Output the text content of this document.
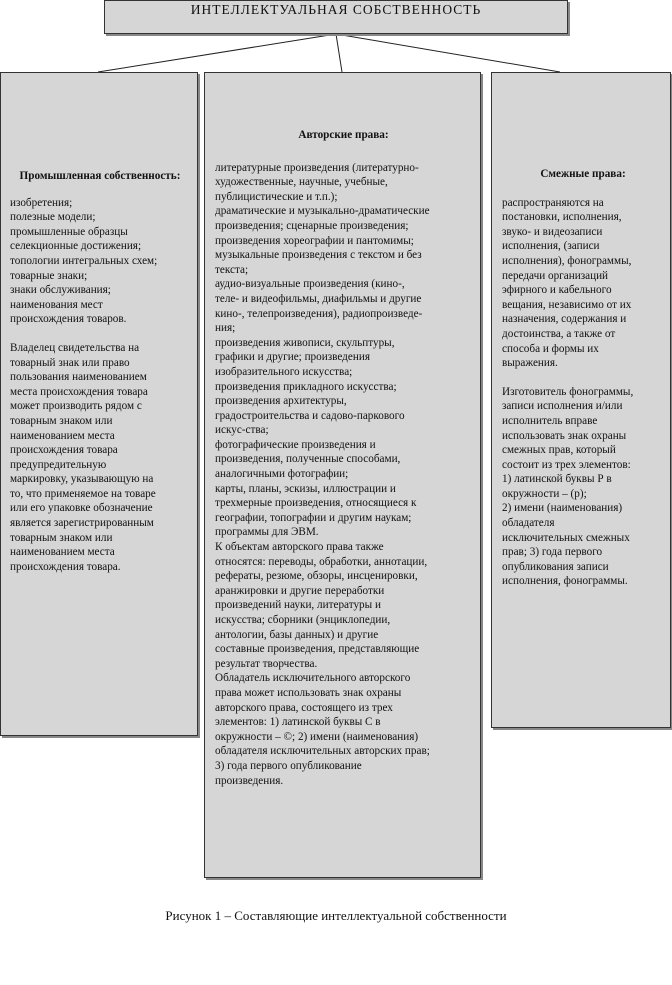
ИНТЕЛЛЕКТУАЛЬНАЯ СОБСТВЕННОСТЬ
Промышленная собственность:
изобретения;
полезные модели;
промышленные образцы
селекционные достижения;
топологии интегральных схем;
товарные знаки;
знаки обслуживания;
наименования мест
происхождения товаров.
Владелец свидетельства на
товарный знак или право
пользования наименованием
места происхождения товара
может производить рядом с
товарным знаком или
наименованием места
происхождения товара
предупредительную
маркировку, указывающую на
то, что применяемое на товаре
или его упаковке обозначение
является зарегистрированным
товарным знаком или
наименованием места
происхождения товара.
Авторские права:
литературные произведения (литературно-
художественные, научные, учебные,
публицистические и т.п.);
драматические и музыкально-драматические
произведения; сценарные произведения;
произведения хореографии и пантомимы;
музыкальные произведения с текстом и без
текста;
аудио-визуальные произведения (кино-,
теле- и видеофильмы, диафильмы и другие
кино-, телепроизведения), радиопроизведе-
ния;
произведения живописи, скульптуры,
графики и другие; произведения
изобразительного искусства;
произведения прикладного искусства;
произведения архитектуры,
градостроительства и садово-паркового
искус-ства;
фотографические произведения и
произведения, полученные способами,
аналогичными фотографии;
карты, планы, эскизы, иллюстрации и
трехмерные произведения, относящиеся к
географии, топографии и другим наукам;
программы для ЭВМ.
К объектам авторского права также
относятся: переводы, обработки, аннотации,
рефераты, резюме, обзоры, инсценировки,
аранжировки и другие переработки
произведений науки, литературы и
искусства; сборники (энциклопедии,
антологии, базы данных) и другие
составные произведения, представляющие
результат творчества.
Обладатель исключительного авторского
права может использовать знак охраны
авторского права, состоящего из трех
элементов: 1) латинской буквы С в
окружности – ©; 2) имени (наименования)
обладателя исключительных авторских прав;
3) года первого опубликование
произведения.
Смежные права:
распространяются на
постановки, исполнения,
звуко- и видеозаписи
исполнения, (записи
исполнения), фонограммы,
передачи организаций
эфирного и кабельного
вещания, независимо от их
назначения, содержания и
достоинства, а также от
способа и формы их
выражения.
Изготовитель фонограммы,
записи исполнения и/или
исполнитель вправе
использовать знак охраны
смежных прав, который
состоит из трех элементов:
1) латинской буквы Р в
окружности – (р);
2) имени (наименования)
обладателя
исключительных смежных
прав; 3) года первого
опубликования записи
исполнения, фонограммы.
Рисунок 1 – Составляющие интеллектуальной собственности
